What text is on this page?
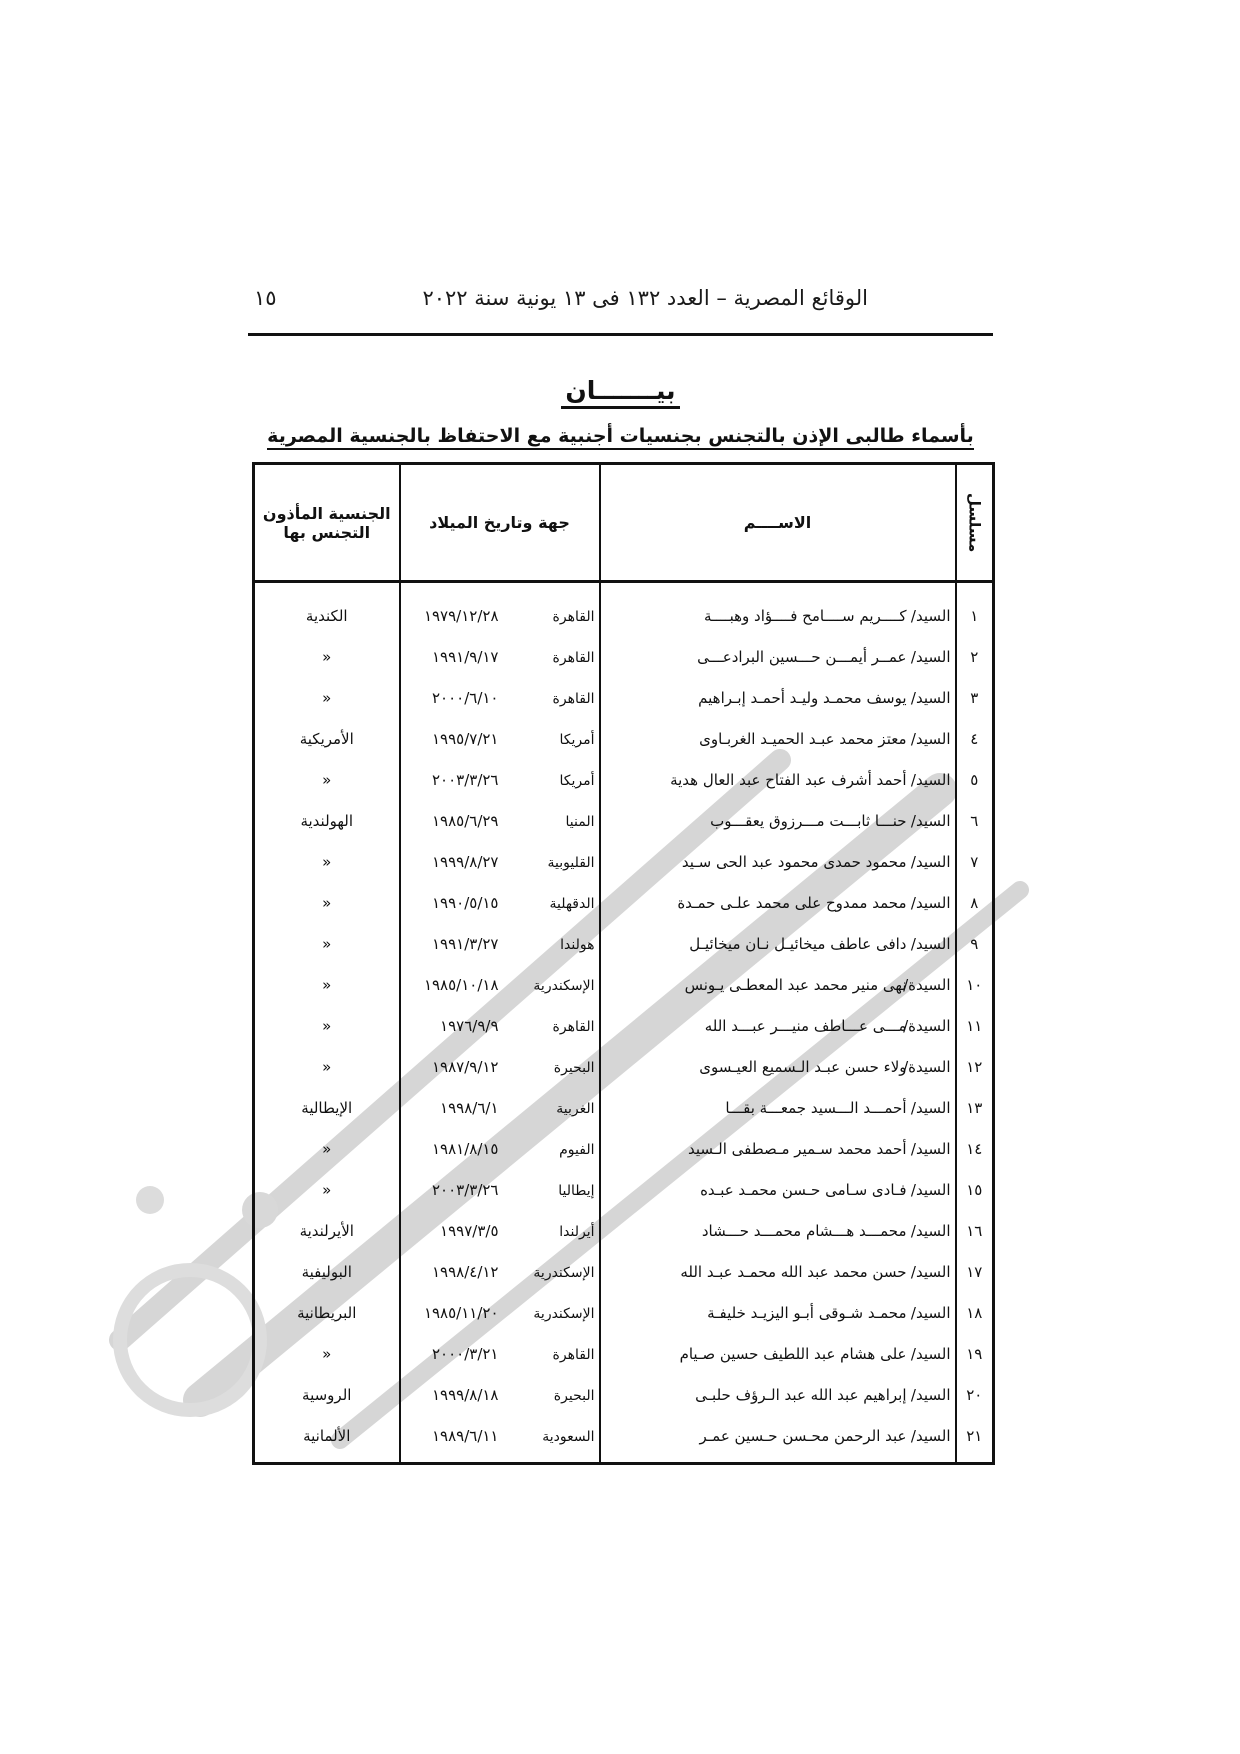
الوقائع المصرية – العدد ١٣٢ فى ١٣ يونية سنة ٢٠٢٢
١٥
بيـــــــان
بأسماء طالبى الإذن بالتجنس بجنسيات أجنبية مع الاحتفاظ بالجنسية المصرية
مسلسل	الاســــم	جهة وتاريخ الميلاد	الجنسية المأذون التجنس بها
١	السيد/كــــريم ســــامح فــــؤاد وهبــــة	القاهرة١٩٧٩/١٢/٢٨	الكندية
٢	السيد/عمــر أيمـــن حـــسين البرادعـــى	القاهرة١٩٩١/٩/١٧	«
٣	السيد/يوسف محمـد وليـد أحمـد إبـراهيم	القاهرة٢٠٠٠/٦/١٠	«
٤	السيد/معتز محمد عبـد الحميـد الغربـاوى	أمريكا١٩٩٥/٧/٢١	الأمريكية
٥	السيد/أحمد أشرف عبد الفتاح عبد العال هدية	أمريكا٢٠٠٣/٣/٢٦	«
٦	السيد/حنـــا ثابـــت مـــرزوق يعقـــوب	المنيا١٩٨٥/٦/٢٩	الهولندية
٧	السيد/محمود حمدى محمود عبد الحى سـيد	القليوبية١٩٩٩/٨/٢٧	«
٨	السيد/محمد ممدوح على محمد علـى حمـدة	الدقهلية١٩٩٠/٥/١٥	«
٩	السيد/دافى عاطف ميخائيـل نـان ميخائيـل	هولندا١٩٩١/٣/٢٧	«
١٠	السيدة/نهى منير محمد عبد المعطـى يـونس	الإسكندرية١٩٨٥/١٠/١٨	«
١١	السيدة/مـــى عـــاطف منيـــر عبـــد الله	القاهرة١٩٧٦/٩/٩	«
١٢	السيدة/ولاء حسن عبـد الـسميع العيـسوى	البحيرة١٩٨٧/٩/١٢	«
١٣	السيد/أحمـــد الـــسيد جمعـــة بقـــا	الغربية١٩٩٨/٦/١	الإيطالية
١٤	السيد/أحمد محمد سـمير مـصطفى الـسيد	الفيوم١٩٨١/٨/١٥	«
١٥	السيد/فـادى سـامى حـسن محمـد عبـده	إيطاليا٢٠٠٣/٣/٢٦	«
١٦	السيد/محمـــد هـــشام محمـــد حـــشاد	أيرلندا١٩٩٧/٣/٥	الأيرلندية
١٧	السيد/حسن محمد عبد الله محمـد عبـد الله	الإسكندرية١٩٩٨/٤/١٢	البوليفية
١٨	السيد/محمـد شـوقى أبـو اليزيـد خليفـة	الإسكندرية١٩٨٥/١١/٢٠	البريطانية
١٩	السيد/على هشام عبد اللطيف حسين صـيام	القاهرة٢٠٠٠/٣/٢١	«
٢٠	السيد/إبراهيم عبد الله عبد الـرؤف حلبـى	البحيرة١٩٩٩/٨/١٨	الروسية
٢١	السيد/عبد الرحمن محـسن حـسين عمـر	السعودية١٩٨٩/٦/١١	الألمانية
